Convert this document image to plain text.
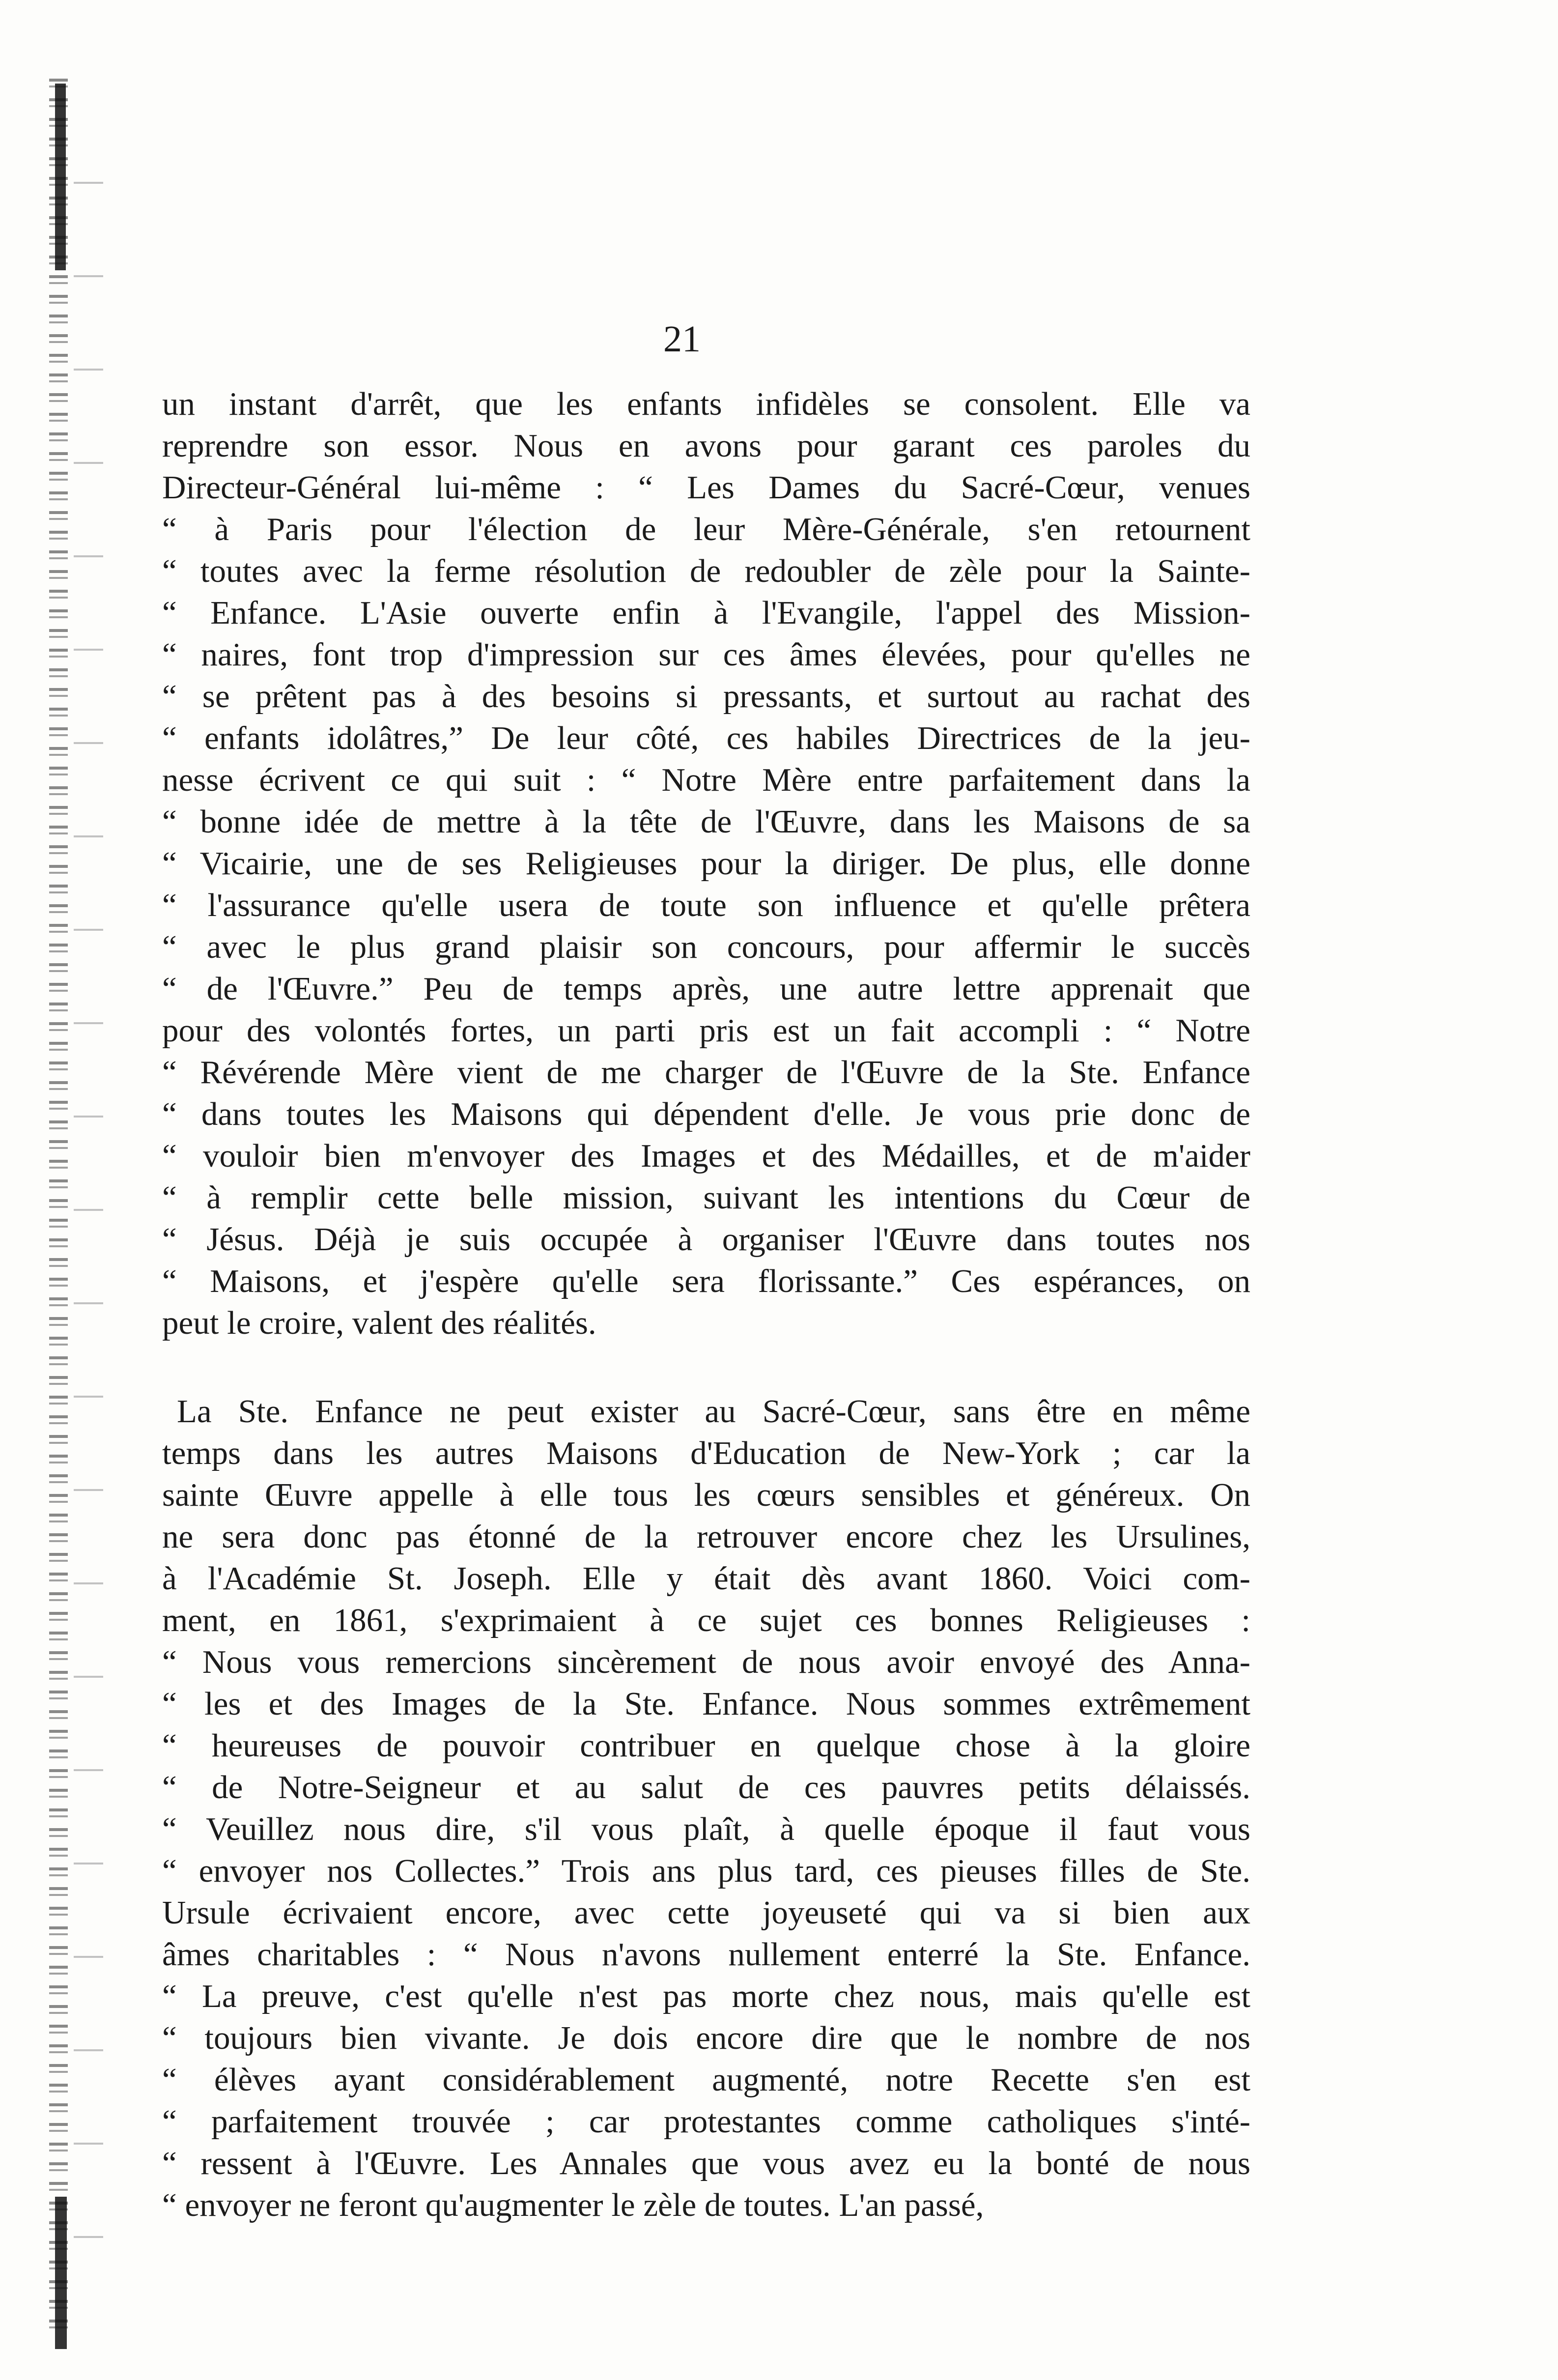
21
un instant d'arrêt, que les enfants infidèles se consolent. Elle va
reprendre son essor. Nous en avons pour garant ces paroles du
Directeur-Général lui-même : “ Les Dames du Sacré-Cœur, venues
“ à Paris pour l'élection de leur Mère-Générale, s'en retournent
“ toutes avec la ferme résolution de redoubler de zèle pour la Sainte-
“ Enfance. L'Asie ouverte enfin à l'Evangile, l'appel des Mission-
“ naires, font trop d'impression sur ces âmes élevées, pour qu'elles ne
“ se prêtent pas à des besoins si pressants, et surtout au rachat des
“ enfants idolâtres,” De leur côté, ces habiles Directrices de la jeu-
nesse écrivent ce qui suit : “ Notre Mère entre parfaitement dans la
“ bonne idée de mettre à la tête de l'Œuvre, dans les Maisons de sa
“ Vicairie, une de ses Religieuses pour la diriger. De plus, elle donne
“ l'assurance qu'elle usera de toute son influence et qu'elle prêtera
“ avec le plus grand plaisir son concours, pour affermir le succès
“ de l'Œuvre.” Peu de temps après, une autre lettre apprenait que
pour des volontés fortes, un parti pris est un fait accompli : “ Notre
“ Révérende Mère vient de me charger de l'Œuvre de la Ste. Enfance
“ dans toutes les Maisons qui dépendent d'elle. Je vous prie donc de
“ vouloir bien m'envoyer des Images et des Médailles, et de m'aider
“ à remplir cette belle mission, suivant les intentions du Cœur de
“ Jésus. Déjà je suis occupée à organiser l'Œuvre dans toutes nos
“ Maisons, et j'espère qu'elle sera florissante.” Ces espérances, on
peut le croire, valent des réalités.
La Ste. Enfance ne peut exister au Sacré-Cœur, sans être en même
temps dans les autres Maisons d'Education de New-York ; car la
sainte Œuvre appelle à elle tous les cœurs sensibles et généreux. On
ne sera donc pas étonné de la retrouver encore chez les Ursulines,
à l'Académie St. Joseph. Elle y était dès avant 1860. Voici com-
ment, en 1861, s'exprimaient à ce sujet ces bonnes Religieuses :
“ Nous vous remercions sincèrement de nous avoir envoyé des Anna-
“ les et des Images de la Ste. Enfance. Nous sommes extrêmement
“ heureuses de pouvoir contribuer en quelque chose à la gloire
“ de Notre-Seigneur et au salut de ces pauvres petits délaissés.
“ Veuillez nous dire, s'il vous plaît, à quelle époque il faut vous
“ envoyer nos Collectes.” Trois ans plus tard, ces pieuses filles de Ste.
Ursule écrivaient encore, avec cette joyeuseté qui va si bien aux
âmes charitables : “ Nous n'avons nullement enterré la Ste. Enfance.
“ La preuve, c'est qu'elle n'est pas morte chez nous, mais qu'elle est
“ toujours bien vivante. Je dois encore dire que le nombre de nos
“ élèves ayant considérablement augmenté, notre Recette s'en est
“ parfaitement trouvée ; car protestantes comme catholiques s'inté-
“ ressent à l'Œuvre. Les Annales que vous avez eu la bonté de nous
“ envoyer ne feront qu'augmenter le zèle de toutes. L'an passé,
